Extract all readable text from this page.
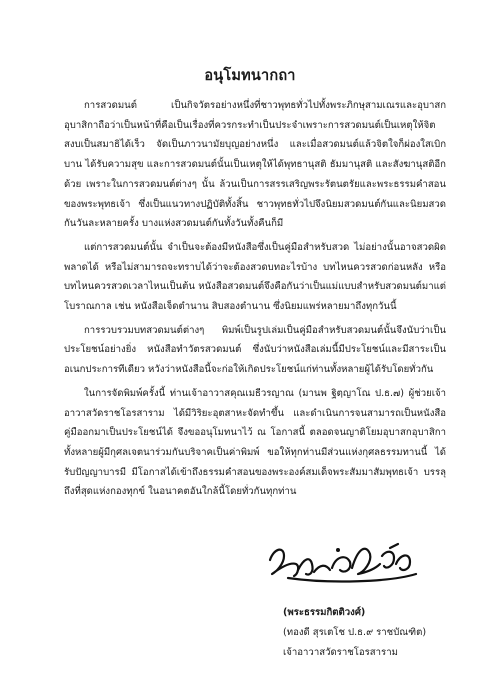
อนุโมทนากถา

การสวดมนต์ เป็นกิจวัตรอย่างหนึ่งที่ชาวพุทธทั่วไปทั้งพระภิกษุสามเณรและอุบาสกอุบาสิกาถือว่าเป็นหน้าที่คือเป็นเรื่องที่ควรกระทำเป็นประจำเพราะการสวดมนต์เป็นเหตุให้จิตสงบเป็นสมาธิได้เร็ว จัดเป็นภาวนามัยบุญอย่างหนึ่ง และเมื่อสวดมนต์แล้วจิตใจก็ผ่องใสเบิกบาน ได้รับความสุข และการสวดมนต์นั้นเป็นเหตุให้ได้พุทธานุสติ ธัมมานุสติ และสังฆานุสติอีกด้วย เพราะในการสวดมนต์ต่างๆ นั้น ล้วนเป็นการสรรเสริญพระรัตนตรัยและพระธรรมคำสอนของพระพุทธเจ้า ซึ่งเป็นแนวทางปฏิบัติทั้งสิ้น ชาวพุทธทั่วไปจึงนิยมสวดมนต์กันและนิยมสวดกันวันละหลายครั้ง บางแห่งสวดมนต์กันทั้งวันทั้งคืนก็มี

แต่การสวดมนต์นั้น จำเป็นจะต้องมีหนังสือซึ่งเป็นคู่มือสำหรับสวด ไม่อย่างนั้นอาจสวดผิดพลาดได้ หรือไม่สามารถจะทราบได้ว่าจะต้องสวดบทอะไรบ้าง บทไหนควรสวดก่อนหลัง หรือบทไหนควรสวดเวลาไหนเป็นต้น หนังสือสวดมนต์จึงคือกันว่าเป็นแม่แบบสำหรับสวดมนต์มาแต่โบราณกาล เช่น หนังสือเจ็ดตำนาน สิบสองตำนาน ซึ่งนิยมแพร่หลายมาถึงทุกวันนี้

การรวบรวมบทสวดมนต์ต่างๆ พิมพ์เป็นรูปเล่มเป็นคู่มือสำหรับสวดมนต์นั้นจึงนับว่าเป็นประโยชน์อย่างยิ่ง หนังสือทำวัตรสวดมนต์ ซึ่งนับว่าหนังสือเล่มนี้มีประโยชน์และมีสาระเป็นอเนกประการทีเดียว หวังว่าหนังสือนี้จะก่อให้เกิดประโยชน์แก่ท่านทั้งหลายผู้ได้รับโดยทั่วกัน

ในการจัดพิมพ์ครั้งนี้ ท่านเจ้าอาวาสคุณเมธีวรญาณ (มานพ ฐิตฺญาโณ ป.ธ.๗) ผู้ช่วยเจ้าอาวาสวัดราชโอรสาราม ได้มีวิริยะอุตสาหะจัดทำขึ้น และดำเนินการจนสามารถเป็นหนังสือคู่มืออกมาเป็นประโยชน์ได้ จึงขออนุโมทนาไว้ ณ โอกาสนี้ ตลอดจนญาติโยมอุบาสกอุบาสิกาทั้งหลายผู้มีกุศลเจตนาร่วมกันบริจาคเป็นค่าพิมพ์ ขอให้ทุกท่านมีส่วนแห่งกุศลธรรมทานนี้ ได้รับปัญญาบารมี มีโอกาสได้เข้าถึงธรรมคำสอนของพระองค์สมเด็จพระสัมมาสัมพุทธเจ้า บรรลุถึงที่สุดแห่งกองทุกข์ ในอนาคตอันใกล้นี้โดยทั่วกันทุกท่าน

(พระธรรมกิตติวงศ์)
(ทองดี สุรเตโช ป.ธ.๙ ราชบัณฑิต)
เจ้าอาวาสวัดราชโอรสาราม
